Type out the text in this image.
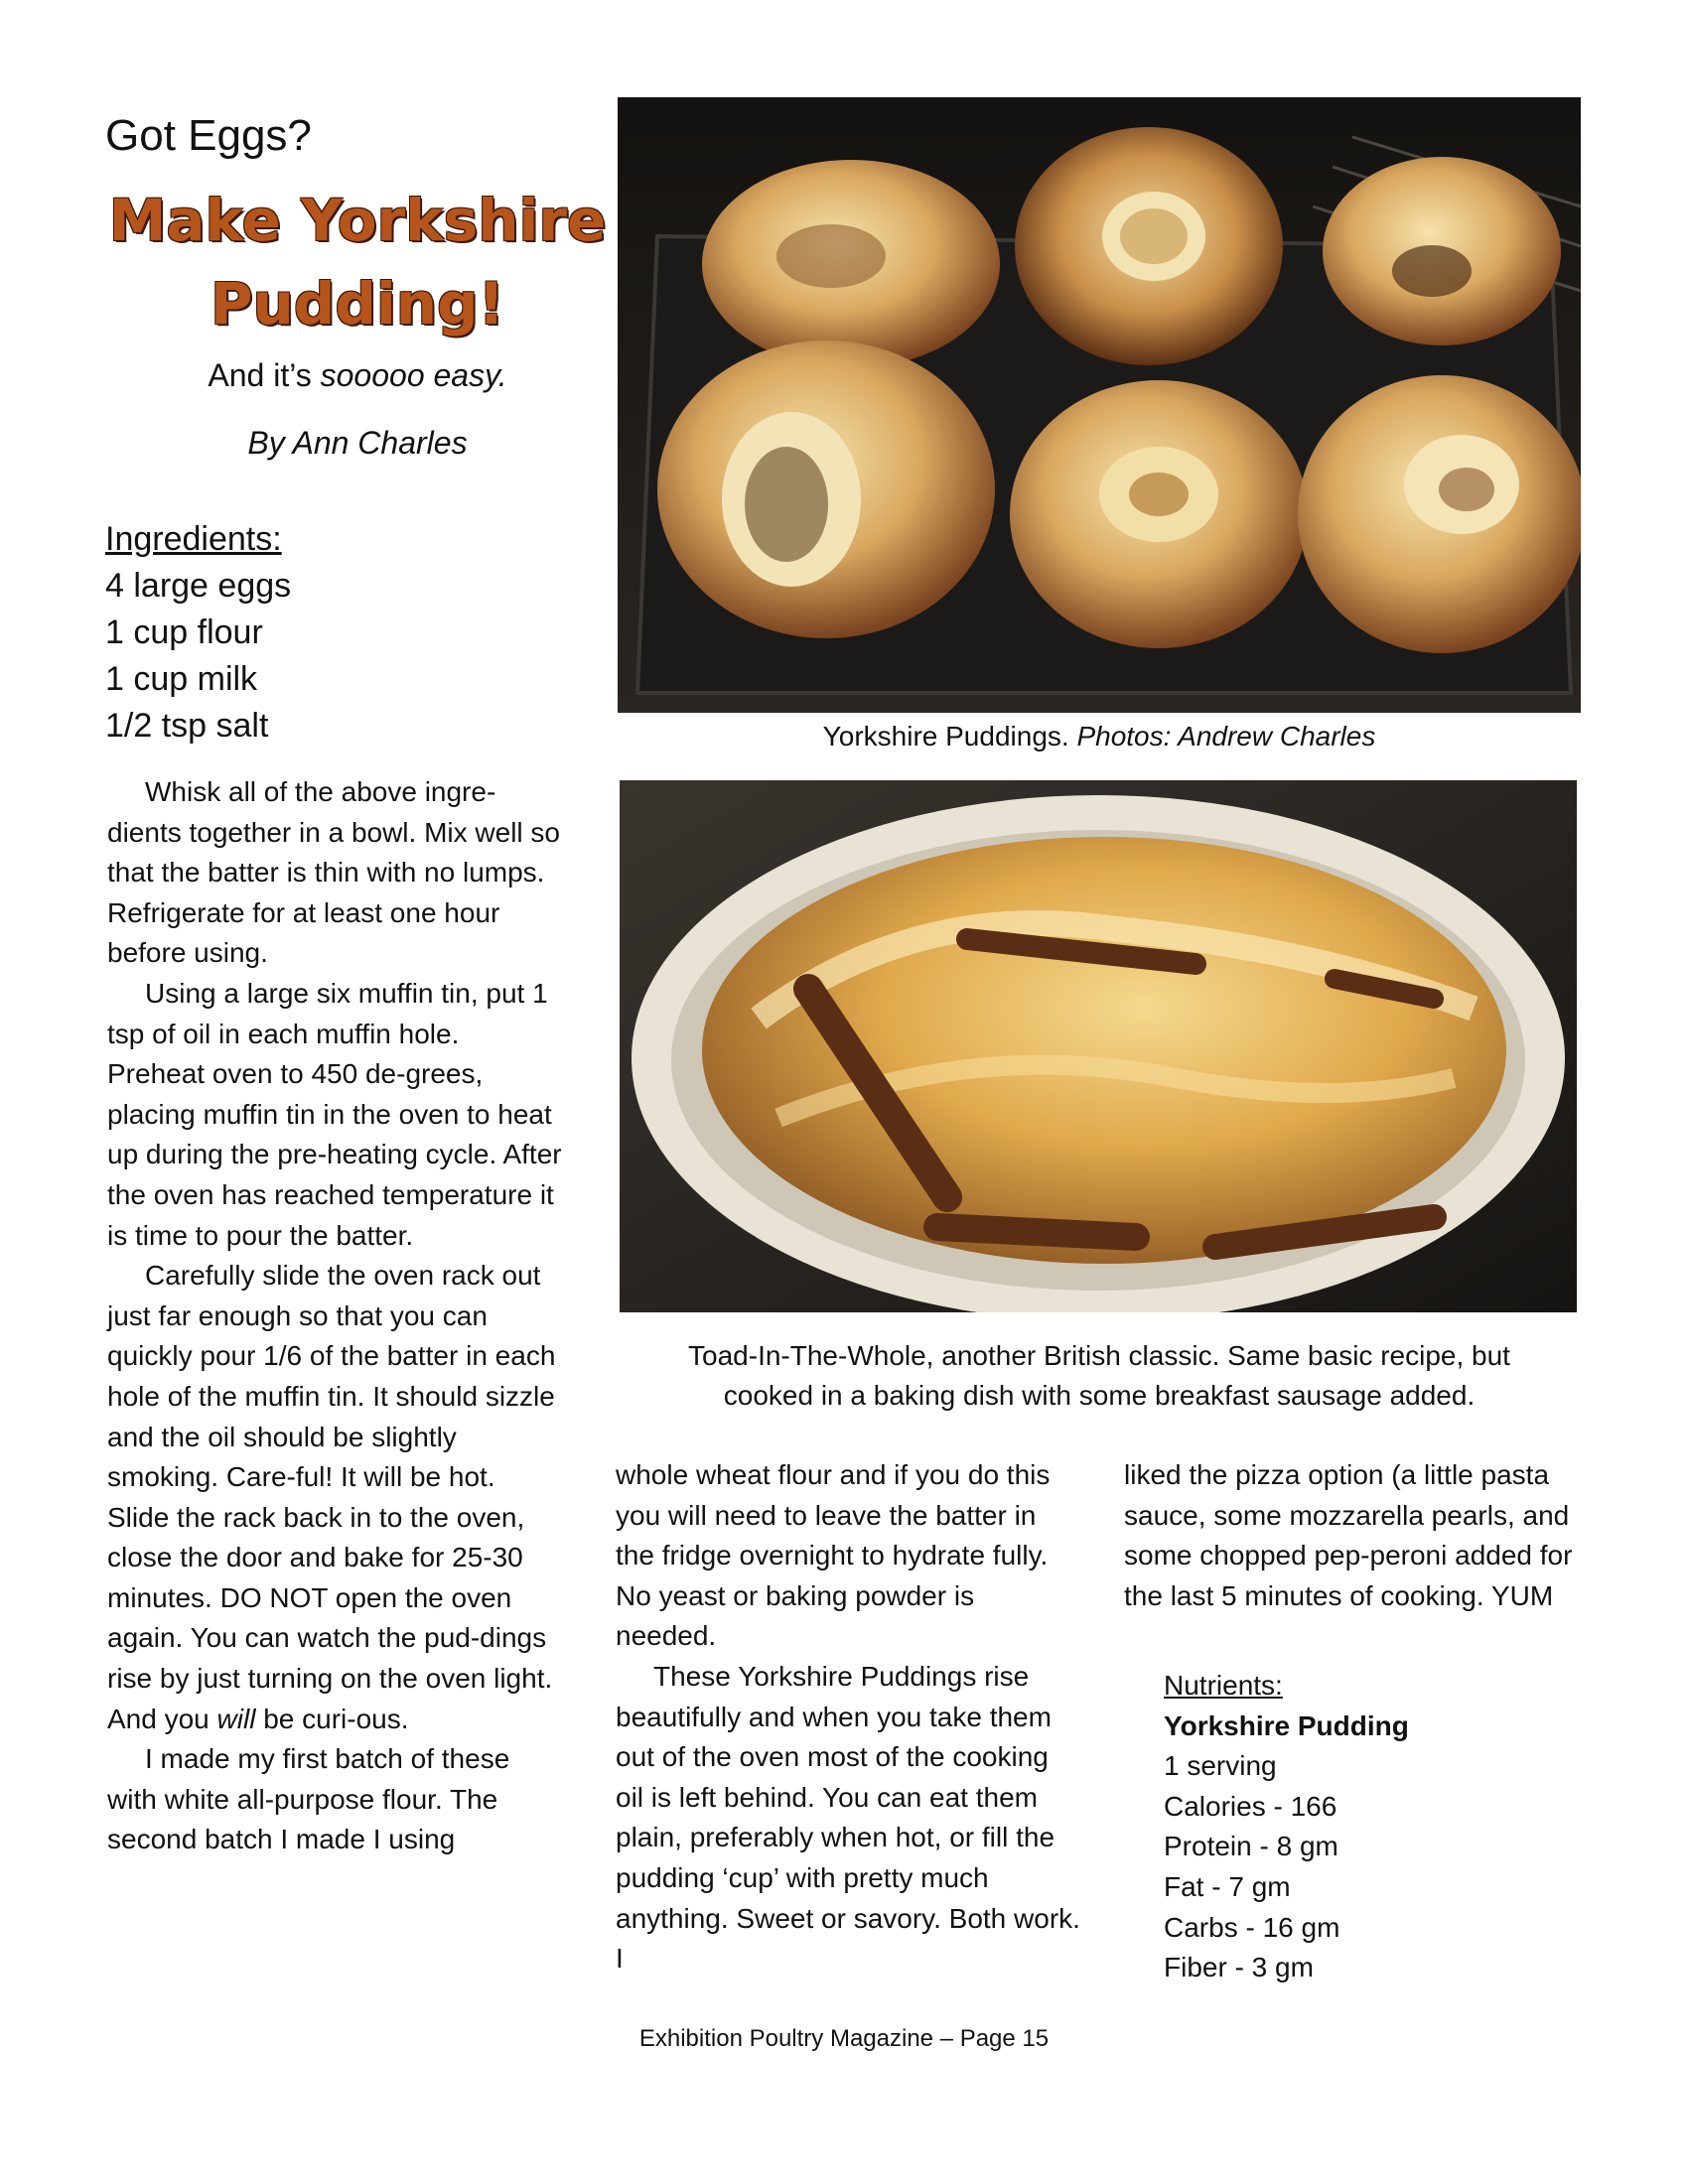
Got Eggs?
Make Yorkshire
Pudding!
And it’s sooooo easy.
By Ann Charles
Ingredients:
4 large eggs
1 cup flour
1 cup milk
1/2 tsp salt

Whisk all of the above ingre-dients together in a bowl. Mix well so that the batter is thin with no lumps. Refrigerate for at least one hour before using.

Using a large six muffin tin, put 1 tsp of oil in each muffin hole. Preheat oven to 450 de-grees, placing muffin tin in the oven to heat up during the pre-heating cycle. After the oven has reached temperature it is time to pour the batter.

Carefully slide the oven rack out just far enough so that you can quickly pour 1/6 of the batter in each hole of the muffin tin. It should sizzle and the oil should be slightly smoking. Care-ful! It will be hot. Slide the rack back in to the oven, close the door and bake for 25-30 minutes. DO NOT open the oven again. You can watch the pud-dings rise by just turning on the oven light. And you will be curi-ous.

I made my first batch of these with white all-purpose flour. The second batch I made I using

Yorkshire Puddings. Photos: Andrew Charles
Toad-In-The-Whole, another British classic. Same basic recipe, but
cooked in a baking dish with some breakfast sausage added.

whole wheat flour and if you do this you will need to leave the batter in the fridge overnight to hydrate fully. No yeast or baking powder is needed.

These Yorkshire Puddings rise beautifully and when you take them out of the oven most of the cooking oil is left behind. You can eat them plain, preferably when hot, or fill the pudding ‘cup’ with pretty much anything. Sweet or savory. Both work. I

liked the pizza option (a little pasta sauce, some mozzarella pearls, and some chopped pep-peroni added for the last 5 minutes of cooking. YUM

Nutrients:
Yorkshire Pudding
1 serving
Calories - 166
Protein - 8 gm
Fat - 7 gm
Carbs - 16 gm
Fiber - 3 gm
Exhibition Poultry Magazine – Page 15
